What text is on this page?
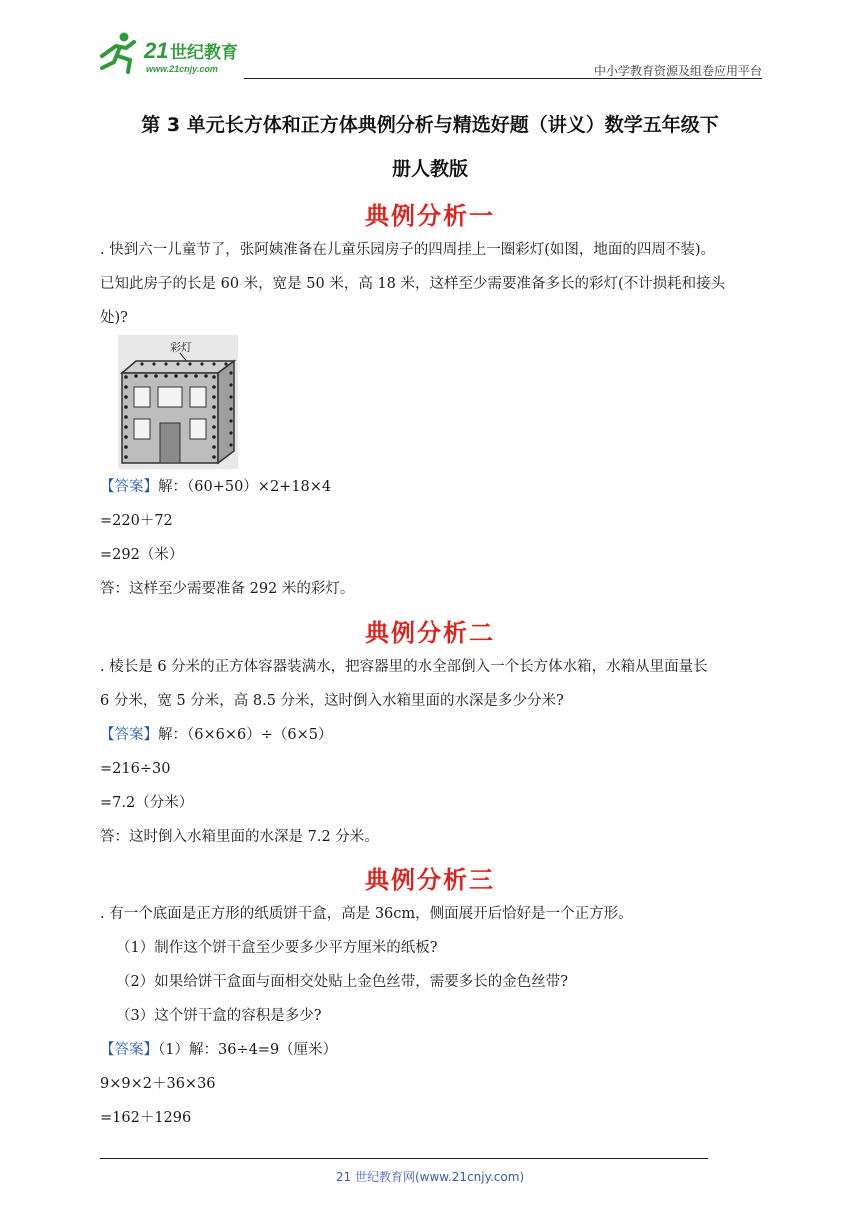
21 世纪教育
www.21cnjy.com	中小学教育资源及组卷应用平台
第 3 单元长方体和正方体典例分析与精选好题（讲义）数学五年级下
册人教版
典例分析一
. 快到六一儿童节了，张阿姨准备在儿童乐园房子的四周挂上一圈彩灯(如图，地面的四周不装)。
已知此房子的长是 60 米，宽是 50 米，高 18 米，这样至少需要准备多长的彩灯(不计损耗和接头
处)?
彩灯
【答案】解：（60+50）×2+18×4
=220＋72
=292（米）
答：这样至少需要准备 292 米的彩灯。
典例分析二
. 棱长是 6 分米的正方体容器装满水，把容器里的水全部倒入一个长方体水箱，水箱从里面量长
6 分米，宽 5 分米，高 8.5 分米，这时倒入水箱里面的水深是多少分米?
【答案】解：（6×6×6）÷（6×5）
=216÷30
=7.2（分米）
答：这时倒入水箱里面的水深是 7.2 分米。
典例分析三
. 有一个底面是正方形的纸质饼干盒，高是 36cm，侧面展开后恰好是一个正方形。
（1）制作这个饼干盒至少要多少平方厘米的纸板?
（2）如果给饼干盒面与面相交处贴上金色丝带，需要多长的金色丝带?
（3）这个饼干盒的容积是多少?
【答案】（1）解：36÷4=9（厘米）
9×9×2＋36×36
=162＋1296
21 世纪教育网(www.21cnjy.com)
